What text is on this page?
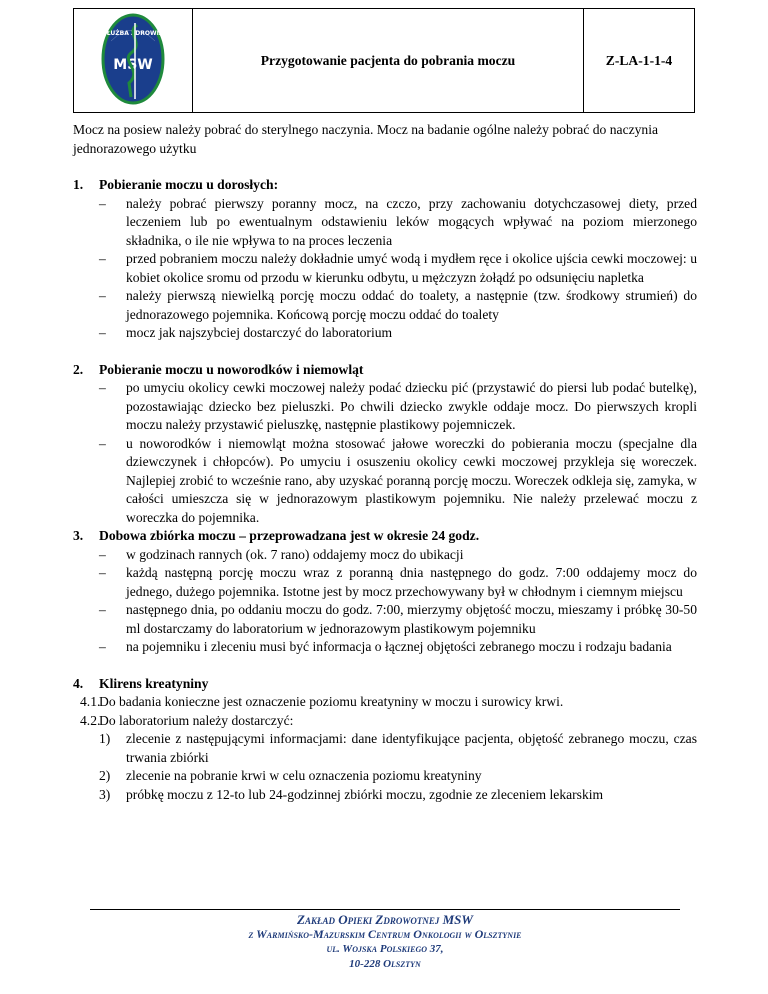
SŁUŻBA ZDROWIA
MSW	Przygotowanie pacjenta do pobrania moczu	Z-LA-1-1-4

Mocz na posiew należy pobrać do sterylnego naczynia. Mocz na badanie ogólne należy pobrać do naczynia jednorazowego użytku

1. Pobieranie moczu u dorosłych:
– należy pobrać pierwszy poranny mocz, na czczo, przy zachowaniu dotychczasowej diety, przed leczeniem lub po ewentualnym odstawieniu leków mogących wpływać na poziom mierzonego składnika, o ile nie wpływa to na proces leczenia
– przed pobraniem moczu należy dokładnie umyć wodą i mydłem ręce i okolice ujścia cewki moczowej: u kobiet okolice sromu od przodu w kierunku odbytu, u mężczyzn żołądź po odsunięciu napletka
– należy pierwszą niewielką porcję moczu oddać do toalety, a następnie (tzw. środkowy strumień) do jednorazowego pojemnika. Końcową porcję moczu oddać do toalety
– mocz jak najszybciej dostarczyć do laboratorium
2. Pobieranie moczu u noworodków i niemowląt
– po umyciu okolicy cewki moczowej należy podać dziecku pić (przystawić do piersi lub podać butelkę), pozostawiając dziecko bez pieluszki. Po chwili dziecko zwykle oddaje mocz. Do pierwszych kropli moczu należy przystawić pieluszkę, następnie plastikowy pojemniczek.
– u noworodków i niemowląt można stosować jałowe woreczki do pobierania moczu (specjalne dla dziewczynek i chłopców). Po umyciu i osuszeniu okolicy cewki moczowej przykleja się woreczek. Najlepiej zrobić to wcześnie rano, aby uzyskać poranną porcję moczu. Woreczek odkleja się, zamyka, w całości umieszcza się w jednorazowym plastikowym pojemniku. Nie należy przelewać moczu z woreczka do pojemnika.
3. Dobowa zbiórka moczu – przeprowadzana jest w okresie 24 godz.
– w godzinach rannych (ok. 7 rano) oddajemy mocz do ubikacji
– każdą następną porcję moczu wraz z poranną dnia następnego do godz. 7:00 oddajemy mocz do jednego, dużego pojemnika. Istotne jest by mocz przechowywany był w chłodnym i ciemnym miejscu
– następnego dnia, po oddaniu moczu do godz. 7:00, mierzymy objętość moczu, mieszamy i próbkę 30-50 ml dostarczamy do laboratorium w jednorazowym plastikowym pojemniku
– na pojemniku i zleceniu musi być informacja o łącznej objętości zebranego moczu i rodzaju badania
4. Klirens kreatyniny
4.1.
Do badania konieczne jest oznaczenie poziomu kreatyniny w moczu i surowicy krwi.
4.2.
Do laboratorium należy dostarczyć:
1) zlecenie z następującymi informacjami: dane identyfikujące pacjenta, objętość zebranego moczu, czas trwania zbiórki
2) zlecenie na pobranie krwi w celu oznaczenia poziomu kreatyniny
3) próbkę moczu z 12-to lub 24-godzinnej zbiórki moczu, zgodnie ze zleceniem lekarskim
Zakład Opieki Zdrowotnej MSW
z Warmińsko-Mazurskim Centrum Onkologii w Olsztynie
ul. Wojska Polskiego 37,
10-228 Olsztyn
